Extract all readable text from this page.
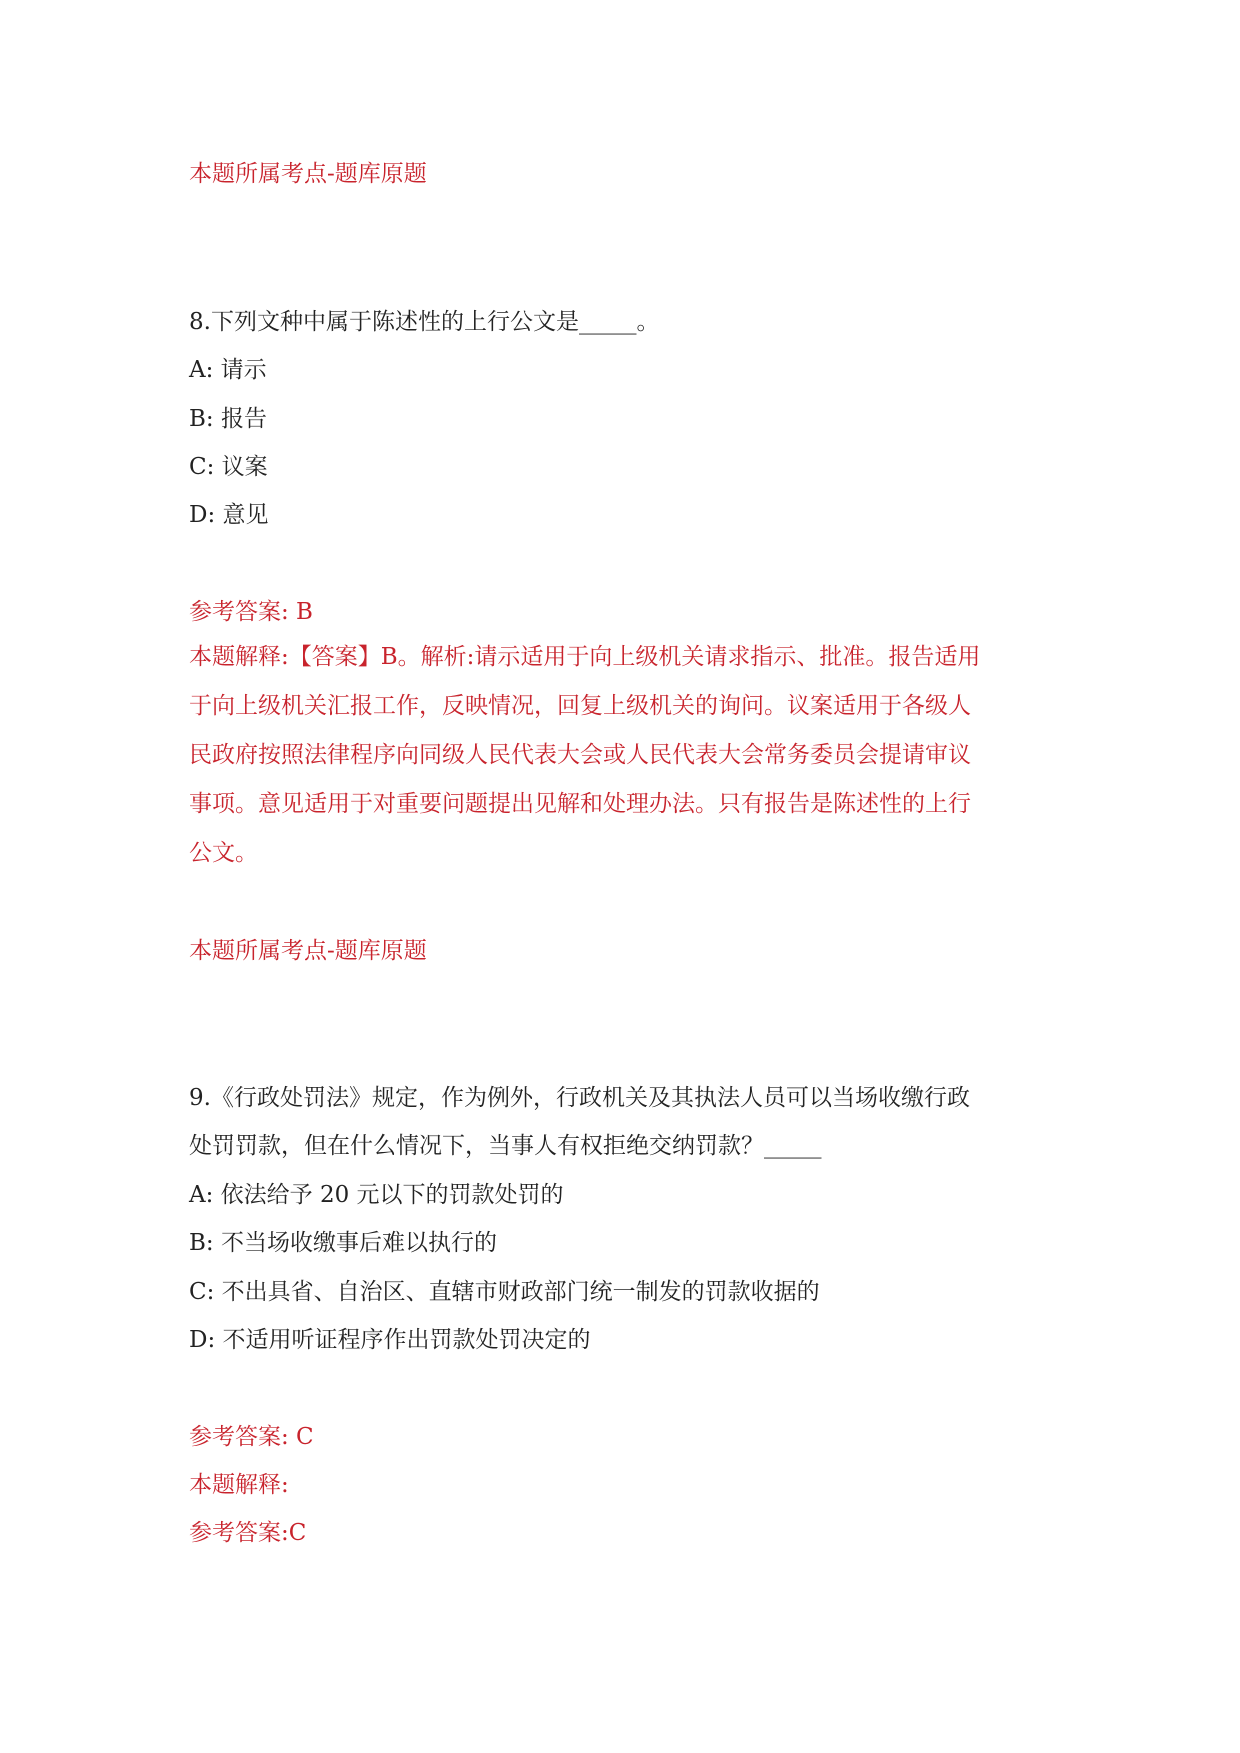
本题所属考点-题库原题
8.下列文种中属于陈述性的上行公文是_____。
A: 请示
B: 报告
C: 议案
D: 意见
参考答案: B
本题解释:【答案】B。解析:请示适用于向上级机关请求指示、批准。报告适用
于向上级机关汇报工作，反映情况，回复上级机关的询问。议案适用于各级人
民政府按照法律程序向同级人民代表大会或人民代表大会常务委员会提请审议
事项。意见适用于对重要问题提出见解和处理办法。只有报告是陈述性的上行
公文。
本题所属考点-题库原题
9.《行政处罚法》规定，作为例外，行政机关及其执法人员可以当场收缴行政
处罚罚款，但在什么情况下，当事人有权拒绝交纳罚款？_____
A: 依法给予 20 元以下的罚款处罚的
B: 不当场收缴事后难以执行的
C: 不出具省、自治区、直辖市财政部门统一制发的罚款收据的
D: 不适用听证程序作出罚款处罚决定的
参考答案: C
本题解释:
参考答案:C
